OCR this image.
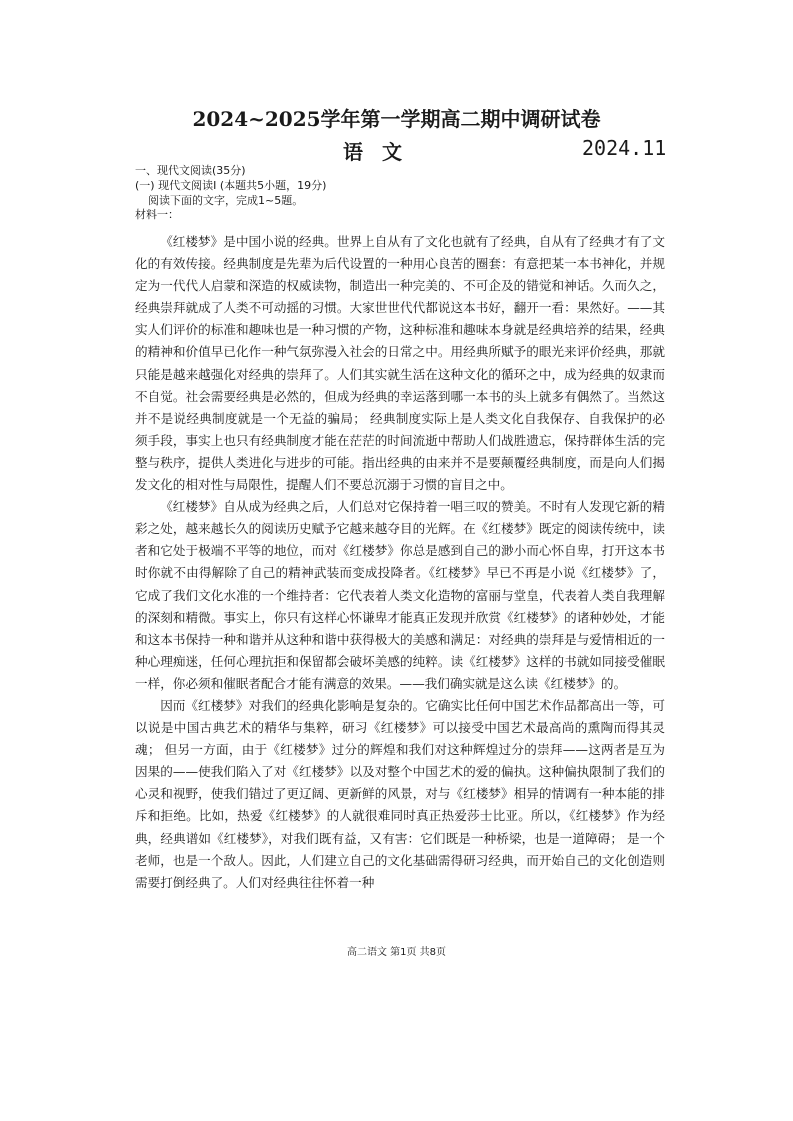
2024~2025学年第一学期高二期中调研试卷
语 文	2024.11
一、现代文阅读(35分)
(一) 现代文阅读Ⅰ (本题共5小题，19分)
阅读下面的文字，完成1~5题。
材料一：

《红楼梦》是中国小说的经典。世界上自从有了文化也就有了经典，自从有了经典才有了文化的有效传接。经典制度是先辈为后代设置的一种用心良苦的圈套：有意把某一本书神化，并规定为一代代人启蒙和深造的权威读物，制造出一种完美的、不可企及的错觉和神话。久而久之，经典崇拜就成了人类不可动摇的习惯。大家世世代代都说这本书好，翻开一看：果然好。——其实人们评价的标准和趣味也是一种习惯的产物，这种标准和趣味本身就是经典培养的结果，经典的精神和价值早已化作一种气氛弥漫入社会的日常之中。用经典所赋予的眼光来评价经典，那就只能是越来越强化对经典的崇拜了。人们其实就生活在这种文化的循环之中，成为经典的奴隶而不自觉。社会需要经典是必然的，但成为经典的幸运落到哪一本书的头上就多有偶然了。当然这并不是说经典制度就是一个无益的骗局； 经典制度实际上是人类文化自我保存、自我保护的必须手段，事实上也只有经典制度才能在茫茫的时间流逝中帮助人们战胜遗忘，保持群体生活的完整与秩序，提供人类进化与进步的可能。指出经典的由来并不是要颠覆经典制度，而是向人们揭发文化的相对性与局限性，提醒人们不要总沉溺于习惯的盲目之中。

《红楼梦》自从成为经典之后，人们总对它保持着一唱三叹的赞美。不时有人发现它新的精彩之处，越来越长久的阅读历史赋予它越来越夺目的光辉。在《红楼梦》既定的阅读传统中，读者和它处于极端不平等的地位，而对《红楼梦》你总是感到自己的渺小而心怀自卑，打开这本书时你就不由得解除了自己的精神武装而变成投降者。《红楼梦》早已不再是小说《红楼梦》了，它成了我们文化水准的一个维持者：它代表着人类文化造物的富丽与堂皇，代表着人类自我理解的深刻和精微。事实上，你只有这样心怀谦卑才能真正发现并欣赏《红楼梦》的诸种妙处，才能和这本书保持一种和谐并从这种和谐中获得极大的美感和满足：对经典的崇拜是与爱情相近的一种心理痴迷，任何心理抗拒和保留都会破坏美感的纯粹。读《红楼梦》这样的书就如同接受催眠一样，你必须和催眠者配合才能有满意的效果。——我们确实就是这么读《红楼梦》的。

因而《红楼梦》对我们的经典化影响是复杂的。它确实比任何中国艺术作品都高出一等，可以说是中国古典艺术的精华与集粹，研习《红楼梦》可以接受中国艺术最高尚的熏陶而得其灵魂； 但另一方面，由于《红楼梦》过分的辉煌和我们对这种辉煌过分的崇拜——这两者是互为因果的——使我们陷入了对《红楼梦》以及对整个中国艺术的爱的偏执。这种偏执限制了我们的心灵和视野，使我们错过了更辽阔、更新鲜的风景，对与《红楼梦》相异的情调有一种本能的排斥和拒绝。比如，热爱《红楼梦》的人就很难同时真正热爱莎士比亚。所以，《红楼梦》作为经典，经典谱如《红楼梦》，对我们既有益，又有害：它们既是一种桥梁，也是一道障碍； 是一个老师，也是一个敌人。因此，人们建立自己的文化基础需得研习经典，而开始自己的文化创造则需要打倒经典了。人们对经典往往怀着一种

高二语文 第1页 共8页
